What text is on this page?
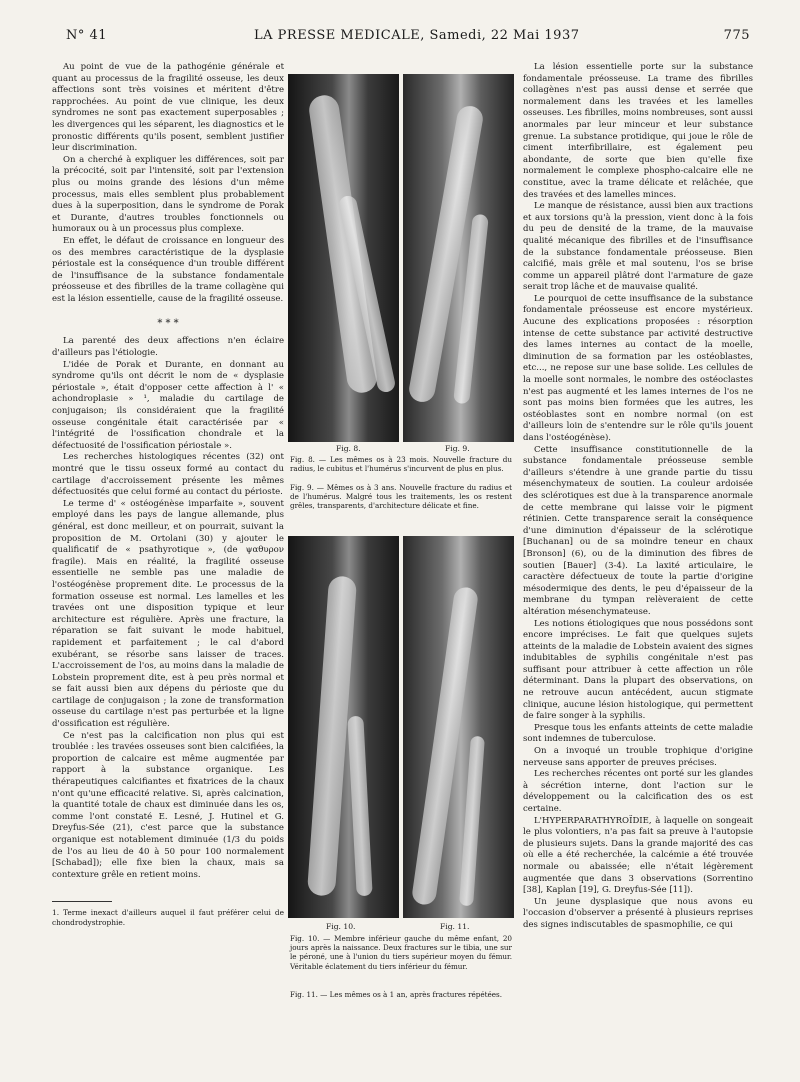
N° 41	LA PRESSE MEDICALE, Samedi, 22 Mai 1937	775

Au point de vue de la pathogénie générale et quant au processus de la fragilité osseuse, les deux affections sont très voisines et méritent d'être rapprochées. Au point de vue clinique, les deux syndromes ne sont pas exactement superposables ; les divergences qui les séparent, les diagnostics et le pronostic différents qu'ils posent, semblent justifier leur discrimination.

On a cherché à expliquer les différences, soit par la précocité, soit par l'intensité, soit par l'extension plus ou moins grande des lésions d'un même processus, mais elles semblent plus probablement dues à la superposition, dans le syndrome de Porak et Durante, d'autres troubles fonctionnels ou humoraux ou à un processus plus complexe.

En effet, le défaut de croissance en longueur des os des membres caractéristique de la dysplasie périostale est la conséquence d'un trouble différent de l'insuffisance de la substance fondamentale préosseuse et des fibrilles de la trame collagène qui est la lésion essentielle, cause de la fragilité osseuse.

* * *

La parenté des deux affections n'en éclaire d'ailleurs pas l'étiologie.

L'idée de Porak et Durante, en donnant au syndrome qu'ils ont décrit le nom de « dysplasie périostale », était d'opposer cette affection à l' « achondroplasie » ¹, maladie du cartilage de conjugaison; ils considéraient que la fragilité osseuse congénitale était caractérisée par « l'intégrité de l'ossification chondrale et la défectuosité de l'ossification périostale ».

Les recherches histologiques récentes (32) ont montré que le tissu osseux formé au contact du cartilage d'accroissement présente les mêmes défectuosités que celui formé au contact du périoste.

Le terme d' « ostéogénèse imparfaite », souvent employé dans les pays de langue allemande, plus général, est donc meilleur, et on pourrait, suivant la proposition de M. Ortolani (30) y ajouter le qualificatif de « psathyrotique », (de ψαθυρον fragile). Mais en réalité, la fragilité osseuse essentielle ne semble pas une maladie de l'ostéogénèse proprement dite. Le processus de la formation osseuse est normal. Les lamelles et les travées ont une disposition typique et leur architecture est régulière. Après une fracture, la réparation se fait suivant le mode habituel, rapidement et parfaitement ; le cal d'abord exubérant, se résorbe sans laisser de traces. L'accroissement de l'os, au moins dans la maladie de Lobstein proprement dite, est à peu près normal et se fait aussi bien aux dépens du périoste que du cartilage de conjugaison ; la zone de transformation osseuse du cartilage n'est pas perturbée et la ligne d'ossification est régulière.

Ce n'est pas la calcification non plus qui est troublée : les travées osseuses sont bien calcifiées, la proportion de calcaire est même augmentée par rapport à la substance organique. Les thérapeutiques calcifiantes et fixatrices de la chaux n'ont qu'une efficacité relative. Si, après calcination, la quantité totale de chaux est diminuée dans les os, comme l'ont constaté E. Lesné, J. Hutinel et G. Dreyfus-Sée (21), c'est parce que la substance organique est notablement diminuée (1/3 du poids de l'os au lieu de 40 à 50 pour 100 normalement [Schabad]); elle fixe bien la chaux, mais sa contexture grêle en retient moins.

1. Terme inexact d'ailleurs auquel il faut préférer celui de chondrodystrophie.

Fig. 8.	Fig. 9.
Fig. 8. — Les mêmes os à 23 mois. Nouvelle fracture du radius, le cubitus et l'humérus s'incurvent de plus en plus.
Fig. 9. — Mêmes os à 3 ans. Nouvelle fracture du radius et de l'humérus. Malgré tous les traitements, les os restent grêles, transparents, d'architecture délicate et fine.
Fig. 10.	Fig. 11.
Fig. 10. — Membre inférieur gauche du même enfant, 20 jours après la naissance. Deux fractures sur le tibia, une sur le péroné, une à l'union du tiers supérieur moyen du fémur. Véritable éclatement du tiers inférieur du fémur.
Fig. 11. — Les mêmes os à 1 an, après fractures répétées.

La lésion essentielle porte sur la substance fondamentale préosseuse. La trame des fibrilles collagènes n'est pas aussi dense et serrée que normalement dans les travées et les lamelles osseuses. Les fibrilles, moins nombreuses, sont aussi anormales par leur minceur et leur substance grenue. La substance protidique, qui joue le rôle de ciment interfibrillaire, est également peu abondante, de sorte que bien qu'elle fixe normalement le complexe phospho-calcaire elle ne constitue, avec la trame délicate et relâchée, que des travées et des lamelles minces.

Le manque de résistance, aussi bien aux tractions et aux torsions qu'à la pression, vient donc à la fois du peu de densité de la trame, de la mauvaise qualité mécanique des fibrilles et de l'insuffisance de la substance fondamentale préosseuse. Bien calcifié, mais grêle et mal soutenu, l'os se brise comme un appareil plâtré dont l'armature de gaze serait trop lâche et de mauvaise qualité.

Le pourquoi de cette insuffisance de la substance fondamentale préosseuse est encore mystérieux. Aucune des explications proposées : résorption intense de cette substance par activité destructive des lames internes au contact de la moelle, diminution de sa formation par les ostéoblastes, etc..., ne repose sur une base solide. Les cellules de la moelle sont normales, le nombre des ostéoclastes n'est pas augmenté et les lames internes de l'os ne sont pas moins bien formées que les autres, les ostéoblastes sont en nombre normal (on est d'ailleurs loin de s'entendre sur le rôle qu'ils jouent dans l'ostéogénèse).

Cette insuffisance constitutionnelle de la substance fondamentale préosseuse semble d'ailleurs s'étendre à une grande partie du tissu mésenchymateux de soutien. La couleur ardoisée des sclérotiques est due à la transparence anormale de cette membrane qui laisse voir le pigment rétinien. Cette transparence serait la conséquence d'une diminution d'épaisseur de la sclérotique [Buchanan] ou de sa moindre teneur en chaux [Bronson] (6), ou de la diminution des fibres de soutien [Bauer] (3-4). La laxité articulaire, le caractère défectueux de toute la partie d'origine mésodermique des dents, le peu d'épaisseur de la membrane du tympan relèveraient de cette altération mésenchymateuse.

Les notions étiologiques que nous possédons sont encore imprécises. Le fait que quelques sujets atteints de la maladie de Lobstein avaient des signes indubitables de syphilis congénitale n'est pas suffisant pour attribuer à cette affection un rôle déterminant. Dans la plupart des observations, on ne retrouve aucun antécédent, aucun stigmate clinique, aucune lésion histologique, qui permettent de faire songer à la syphilis.

Presque tous les enfants atteints de cette maladie sont indemnes de tuberculose.

On a invoqué un trouble trophique d'origine nerveuse sans apporter de preuves précises.

Les recherches récentes ont porté sur les glandes à sécrétion interne, dont l'action sur le développement ou la calcification des os est certaine.

L'HYPERPARATHYROÏDIE, à laquelle on songeait le plus volontiers, n'a pas fait sa preuve à l'autopsie de plusieurs sujets. Dans la grande majorité des cas où elle a été recherchée, la calcémie a été trouvée normale ou abaissée; elle n'était légèrement augmentée que dans 3 observations (Sorrentino [38], Kaplan [19], G. Dreyfus-Sée [11]).

Un jeune dysplasique que nous avons eu l'occasion d'observer a présenté à plusieurs reprises des signes indiscutables de spasmophilie, ce qui
